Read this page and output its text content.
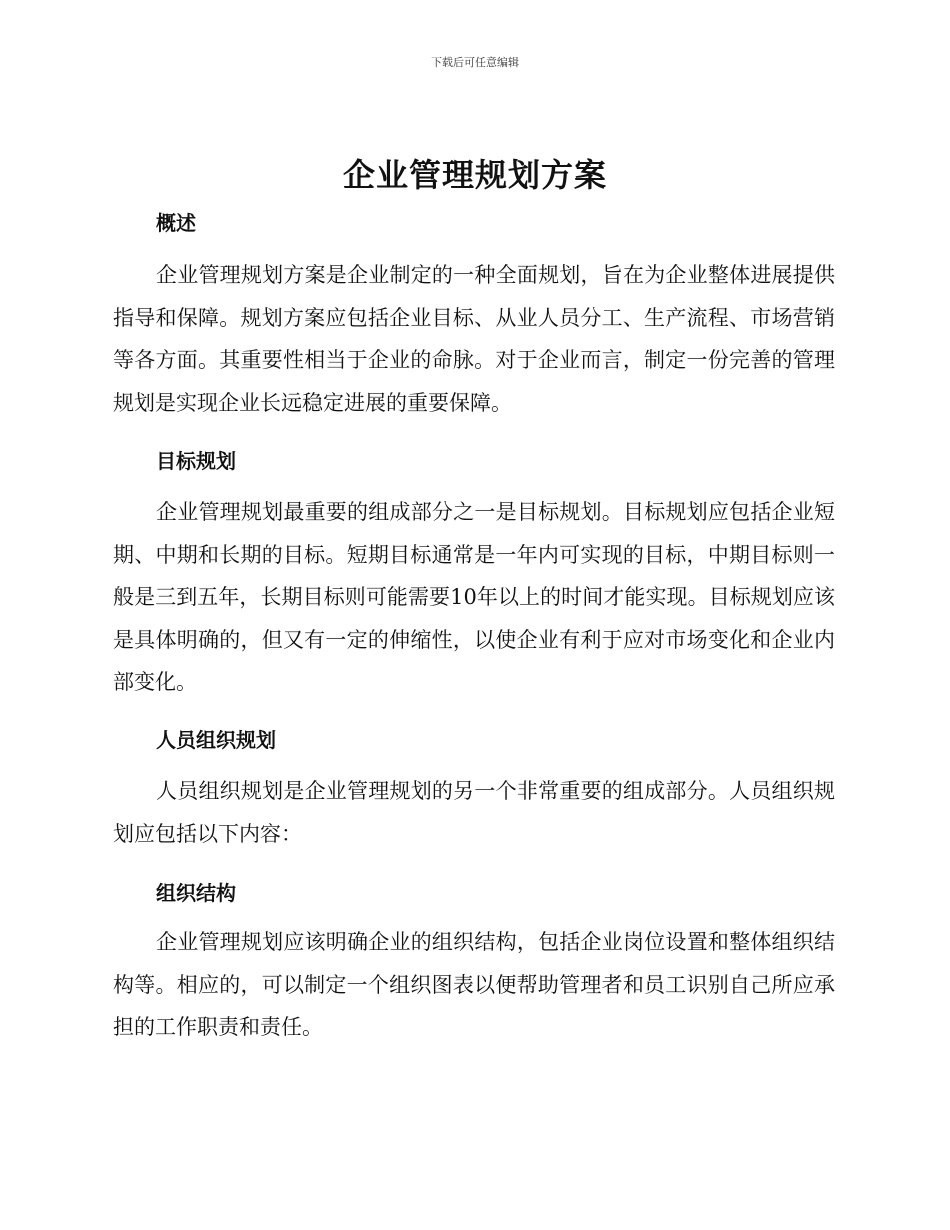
下载后可任意编辑
企业管理规划方案
概述

企业管理规划方案是企业制定的一种全面规划，旨在为企业整体进展提供指导和保障。规划方案应包括企业目标、从业人员分工、生产流程、市场营销等各方面。其重要性相当于企业的命脉。对于企业而言，制定一份完善的管理规划是实现企业长远稳定进展的重要保障。

目标规划

企业管理规划最重要的组成部分之一是目标规划。目标规划应包括企业短期、中期和长期的目标。短期目标通常是一年内可实现的目标，中期目标则一般是三到五年，长期目标则可能需要10年以上的时间才能实现。目标规划应该是具体明确的，但又有一定的伸缩性，以使企业有利于应对市场变化和企业内部变化。

人员组织规划

人员组织规划是企业管理规划的另一个非常重要的组成部分。人员组织规划应包括以下内容：

组织结构

企业管理规划应该明确企业的组织结构，包括企业岗位设置和整体组织结构等。相应的，可以制定一个组织图表以便帮助管理者和员工识别自己所应承担的工作职责和责任。
